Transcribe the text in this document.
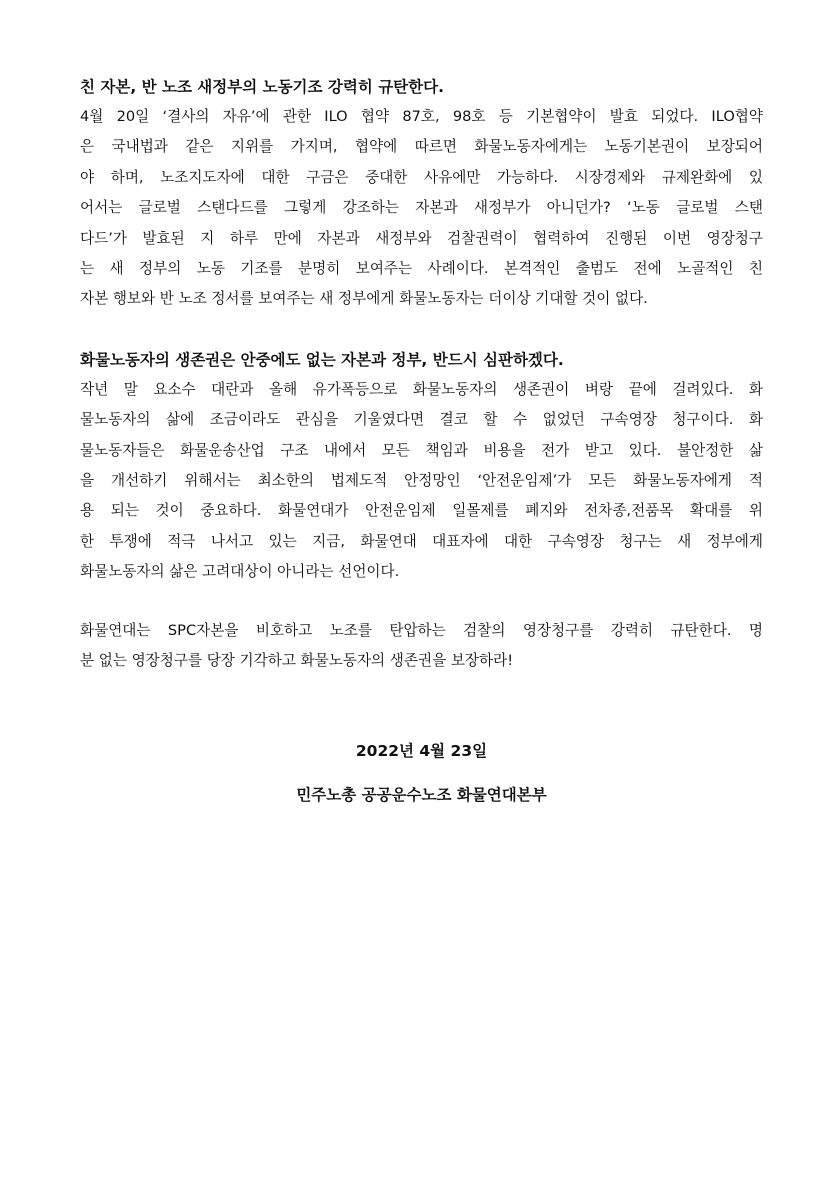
친 자본, 반 노조 새정부의 노동기조 강력히 규탄한다.

4월 20일 ‘결사의 자유’에 관한 ILO 협약 87호, 98호 등 기본협약이 발효 되었다. ILO협약
은 국내법과 같은 지위를 가지며, 협약에 따르면 화물노동자에게는 노동기본권이 보장되어
야 하며, 노조지도자에 대한 구금은 중대한 사유에만 가능하다. 시장경제와 규제완화에 있
어서는 글로벌 스탠다드를 그렇게 강조하는 자본과 새정부가 아니던가? ‘노동 글로벌 스탠
다드’가 발효된 지 하루 만에 자본과 새정부와 검찰권력이 협력하여 진행된 이번 영장청구
는 새 정부의 노동 기조를 분명히 보여주는 사례이다. 본격적인 출범도 전에 노골적인 친
자본 행보와 반 노조 정서를 보여주는 새 정부에게 화물노동자는 더이상 기대할 것이 없다.

화물노동자의 생존권은 안중에도 없는 자본과 정부, 반드시 심판하겠다.

작년 말 요소수 대란과 올해 유가폭등으로 화물노동자의 생존권이 벼랑 끝에 걸려있다. 화
물노동자의 삶에 조금이라도 관심을 기울였다면 결코 할 수 없었던 구속영장 청구이다. 화
물노동자들은 화물운송산업 구조 내에서 모든 책임과 비용을 전가 받고 있다. 불안정한 삶
을 개선하기 위해서는 최소한의 법제도적 안정망인 ‘안전운임제’가 모든 화물노동자에게 적
용 되는 것이 중요하다. 화물연대가 안전운임제 일몰제를 폐지와 전차종,전품목 확대를 위
한 투쟁에 적극 나서고 있는 지금, 화물연대 대표자에 대한 구속영장 청구는 새 정부에게
화물노동자의 삶은 고려대상이 아니라는 선언이다.

화물연대는 SPC자본을 비호하고 노조를 탄압하는 검찰의 영장청구를 강력히 규탄한다. 명
분 없는 영장청구를 당장 기각하고 화물노동자의 생존권을 보장하라!

2022년 4월 23일

민주노총 공공운수노조 화물연대본부
